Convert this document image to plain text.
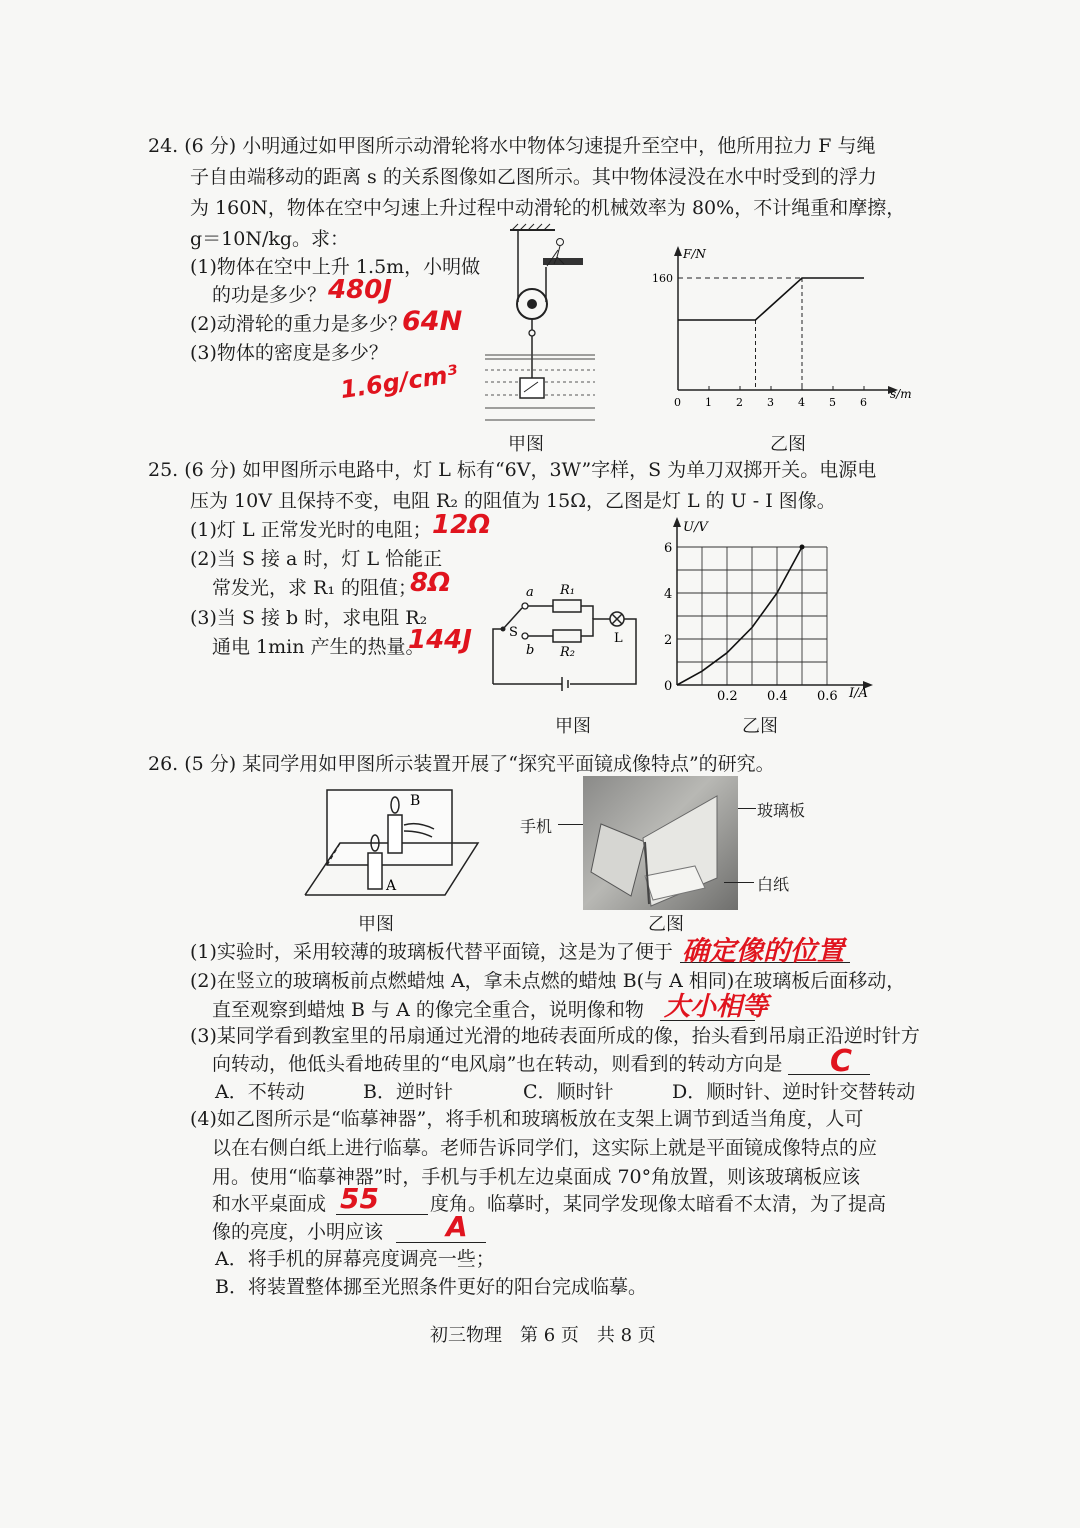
24. (6 分) 小明通过如甲图所示动滑轮将水中物体匀速提升至空中，他所用拉力 F 与绳
子自由端移动的距离 s 的关系图像如乙图所示。其中物体浸没在水中时受到的浮力
为 160N，物体在空中匀速上升过程中动滑轮的机械效率为 80%，不计绳重和摩擦，
g＝10N/kg。求：
(1)物体在空中上升 1.5m，小明做
的功是多少？ 480J
(2)动滑轮的重力是多少？
64N
(3)物体的密度是多少？
1.6g/cm³
甲图
0 1 2 3 4 5 6
160
F/N
s/m
乙图
25. (6 分) 如甲图所示电路中，灯 L 标有“6V，3W”字样，S 为单刀双掷开关。电源电
压为 10V 且保持不变，电阻 R₂ 的阻值为 15Ω，乙图是灯 L 的 U - I 图像。
(1)灯 L 正常发光时的电阻； 12Ω
(2)当 S 接 a 时，灯 L 恰能正
常发光，求 R₁ 的阻值；
8Ω
(3)当 S 接 b 时，求电阻 R₂
通电 1min 产生的热量。
144J
a
b
S
R₁
R₂
L
甲图
0
2
4
6
0.2 0.4 0.6
U/V
I/A
乙图
26. (5 分) 某同学用如甲图所示装置开展了“探究平面镜成像特点”的研究。
B
A
甲图
手机
玻璃板
白纸
乙图
(1)实验时，采用较薄的玻璃板代替平面镜，这是为了便于 确定像的位置
(2)在竖立的玻璃板前点燃蜡烛 A，拿未点燃的蜡烛 B(与 A 相同)在玻璃板后面移动，
直至观察到蜡烛 B 与 A 的像完全重合，说明像和物 大小相等
(3)某同学看到教室里的吊扇通过光滑的地砖表面所成的像，抬头看到吊扇正沿逆时针方
向转动，他低头看地砖里的“电风扇”也在转动，则看到的转动方向是 C
A．不转动	B．逆时针	C．顺时针	D．顺时针、逆时针交替转动
(4)如乙图所示是“临摹神器”，将手机和玻璃板放在支架上调节到适当角度，人可
以在右侧白纸上进行临摹。老师告诉同学们，这实际上就是平面镜成像特点的应
用。使用“临摹神器”时，手机与手机左边桌面成 70°角放置，则该玻璃板应该
和水平桌面成 55	度角。临摹时，某同学发现像太暗看不太清，为了提高
像的亮度，小明应该 A
A．将手机的屏幕亮度调亮一些；
B．将装置整体挪至光照条件更好的阳台完成临摹。
初三物理　第 6 页　共 8 页
